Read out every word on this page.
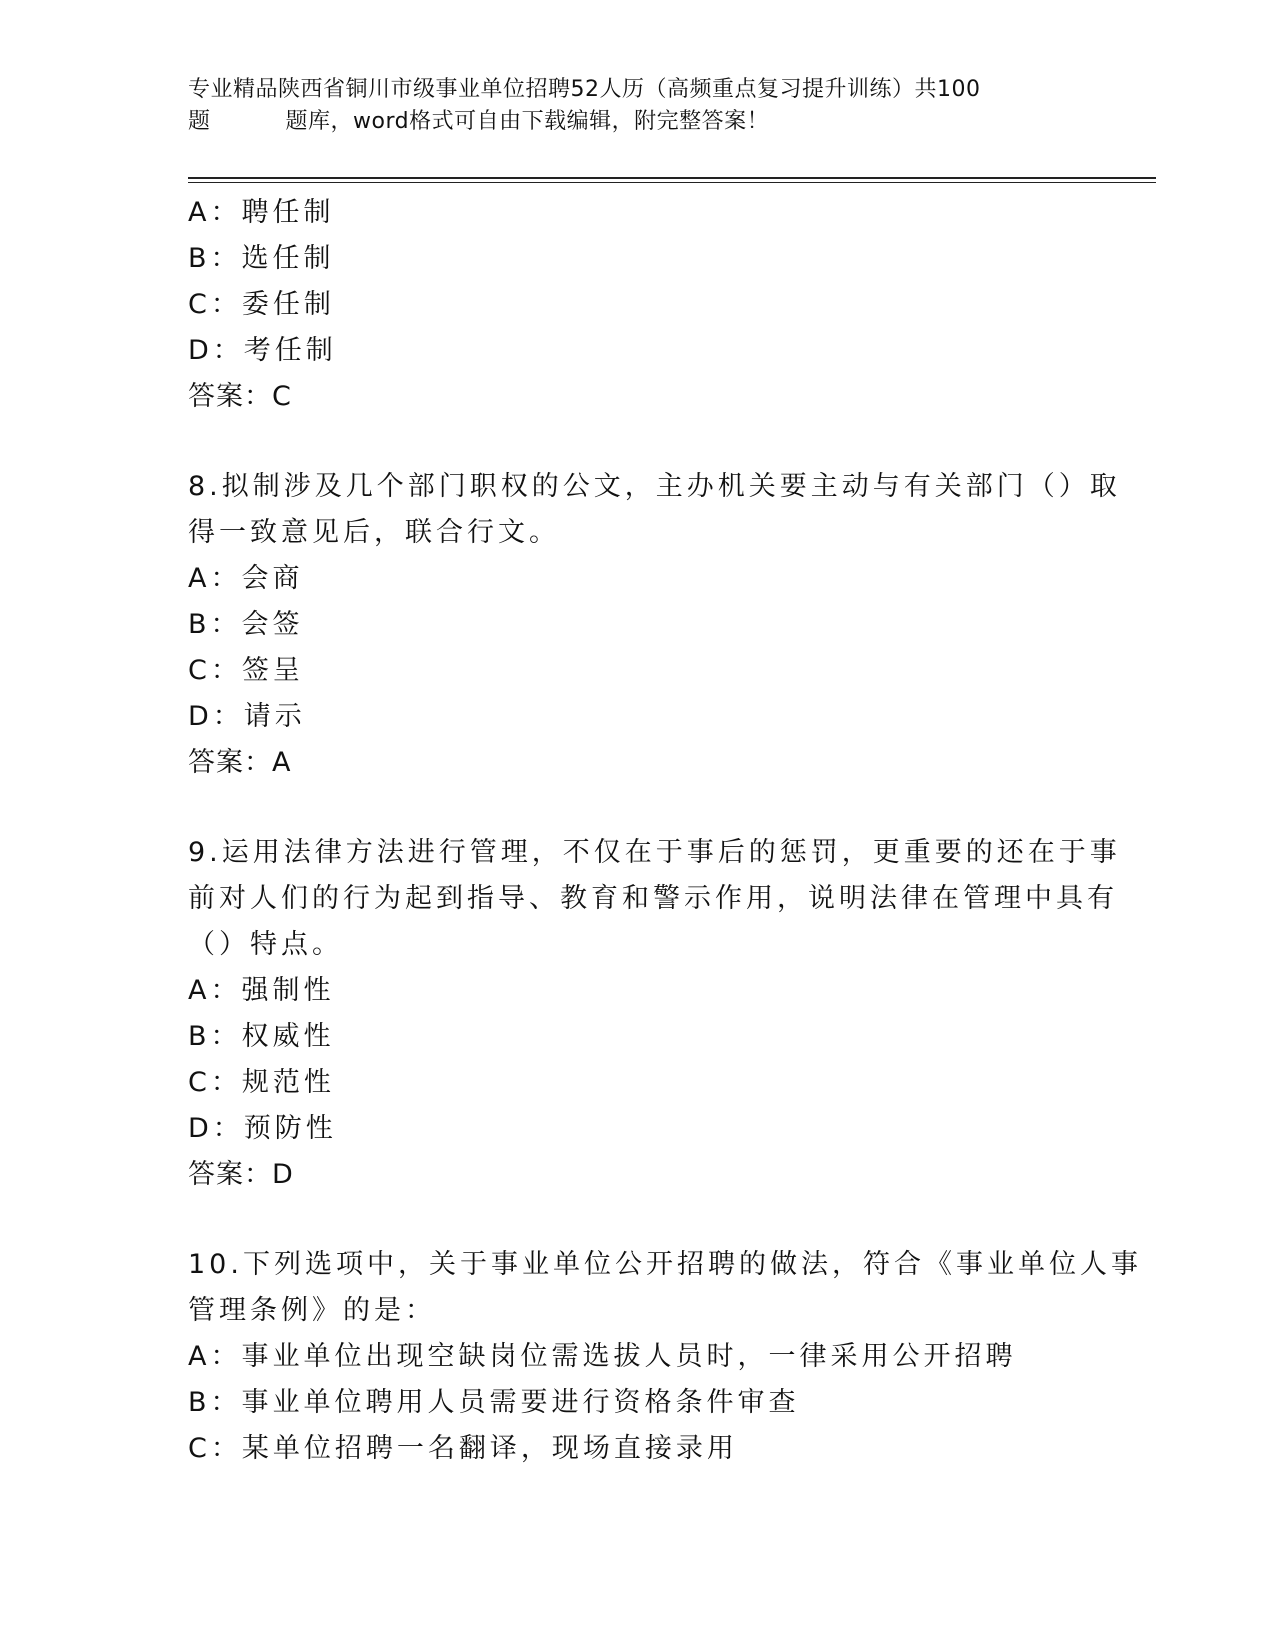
专业精品陕西省铜川市级事业单位招聘52人历（高频重点复习提升训练）共100
题	题库，word格式可自由下载编辑，附完整答案！
A：聘任制
B：选任制
C：委任制
D：考任制
答案：C
8.拟制涉及几个部门职权的公文，主办机关要主动与有关部门（）取
得一致意见后，联合行文。
A：会商
B：会签
C：签呈
D：请示
答案：A
9.运用法律方法进行管理，不仅在于事后的惩罚，更重要的还在于事
前对人们的行为起到指导、教育和警示作用，说明法律在管理中具有
（）特点。
A：强制性
B：权威性
C：规范性
D：预防性
答案：D
10.下列选项中，关于事业单位公开招聘的做法，符合《事业单位人事
管理条例》的是：
A：事业单位出现空缺岗位需选拔人员时，一律采用公开招聘
B：事业单位聘用人员需要进行资格条件审查
C：某单位招聘一名翻译，现场直接录用
